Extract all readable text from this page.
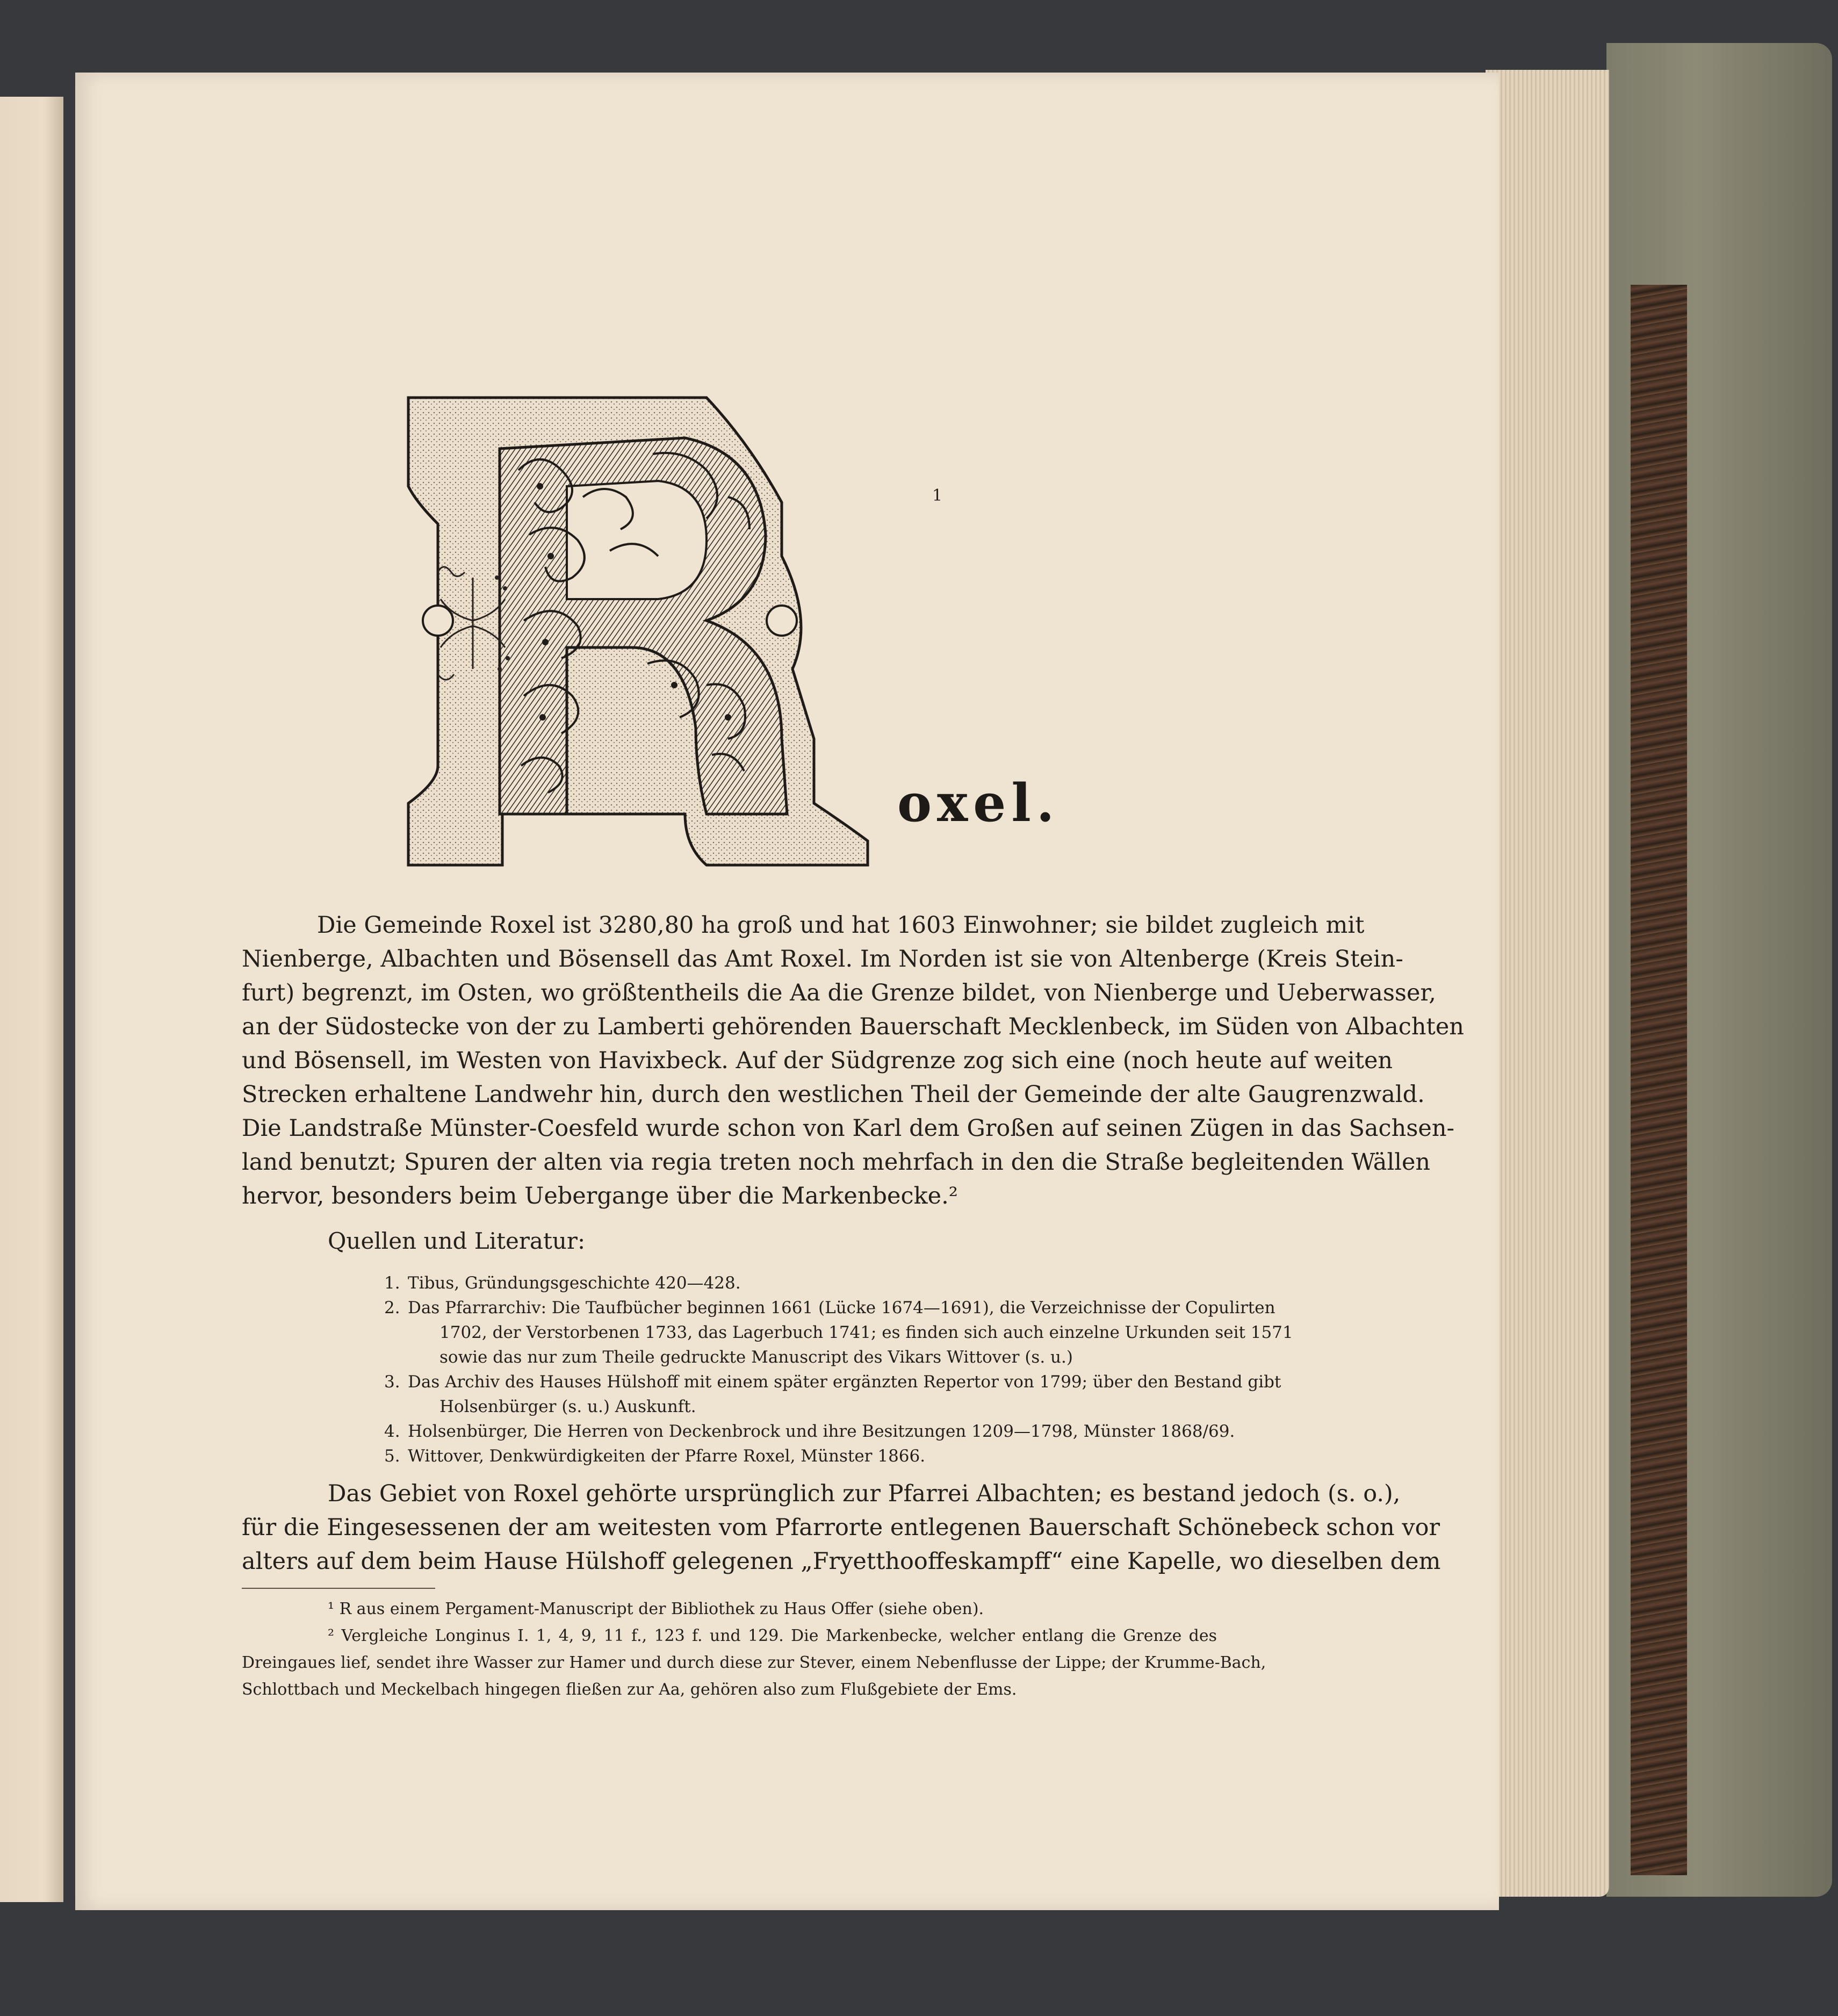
oxel.
1
Die Gemeinde Roxel ist 3280,80 ha groß und hat 1603 Einwohner; sie bildet zugleich mit
Nienberge, Albachten und Bösensell das Amt Roxel. Im Norden ist sie von Altenberge (Kreis Stein-
furt) begrenzt, im Osten, wo größtentheils die Aa die Grenze bildet, von Nienberge und Ueberwasser,
an der Südostecke von der zu Lamberti gehörenden Bauerschaft Mecklenbeck, im Süden von Albachten
und Bösensell, im Westen von Havixbeck. Auf der Südgrenze zog sich eine (noch heute auf weiten
Strecken erhaltene Landwehr hin, durch den westlichen Theil der Gemeinde der alte Gaugrenzwald.
Die Landstraße Münster-Coesfeld wurde schon von Karl dem Großen auf seinen Zügen in das Sachsen-
land benutzt; Spuren der alten via regia treten noch mehrfach in den die Straße begleitenden Wällen
hervor, besonders beim Uebergange über die Markenbecke.²
Quellen und Literatur:
1. Tibus, Gründungsgeschichte 420—428.
2. Das Pfarrarchiv: Die Taufbücher beginnen 1661 (Lücke 1674—1691), die Verzeichnisse der Copulirten
1702, der Verstorbenen 1733, das Lagerbuch 1741; es finden sich auch einzelne Urkunden seit 1571
sowie das nur zum Theile gedruckte Manuscript des Vikars Wittover (s. u.)
3. Das Archiv des Hauses Hülshoff mit einem später ergänzten Repertor von 1799; über den Bestand gibt
Holsenbürger (s. u.) Auskunft.
4. Holsenbürger, Die Herren von Deckenbrock und ihre Besitzungen 1209—1798, Münster 1868/69.
5. Wittover, Denkwürdigkeiten der Pfarre Roxel, Münster 1866.
Das Gebiet von Roxel gehörte ursprünglich zur Pfarrei Albachten; es bestand jedoch (s. o.),
für die Eingesessenen der am weitesten vom Pfarrorte entlegenen Bauerschaft Schönebeck schon vor
alters auf dem beim Hause Hülshoff gelegenen „Fryetthooffeskampff“ eine Kapelle, wo dieselben dem
¹ R aus einem Pergament-Manuscript der Bibliothek zu Haus Offer (siehe oben).
² Vergleiche Longinus I. 1, 4, 9, 11 f., 123 f. und 129. Die Markenbecke, welcher entlang die Grenze des
Dreingaues lief, sendet ihre Wasser zur Hamer und durch diese zur Stever, einem Nebenflusse der Lippe; der Krumme-Bach,
Schlottbach und Meckelbach hingegen fließen zur Aa, gehören also zum Flußgebiete der Ems.
